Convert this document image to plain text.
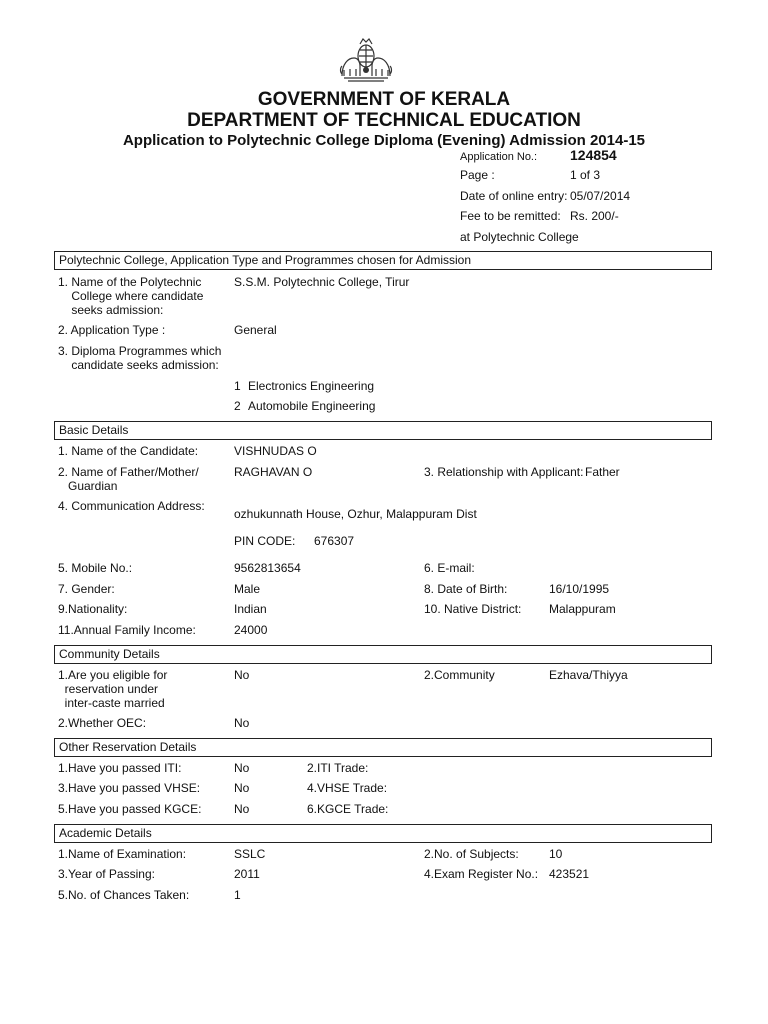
GOVERNMENT OF KERALA
DEPARTMENT OF TECHNICAL EDUCATION
Application to Polytechnic College Diploma (Evening) Admission 2014-15
Application No.: 124854
Page :	1 of 3
Date of online entry: 05/07/2014
Fee to be remitted: Rs. 200/-
at Polytechnic College
Polytechnic College, Application Type and Programmes chosen for Admission
1. Name of the Polytechnic
College where candidate
seeks admission:
S.S.M. Polytechnic College, Tirur
2. Application Type :	General
3. Diploma Programmes which
candidate seeks admission:
1 Electronics Engineering
2 Automobile Engineering
Basic Details
1. Name of the Candidate:	VISHNUDAS O
2. Name of Father/Mother/
Guardian
RAGHAVAN O	3. Relationship with Applicant: Father
4. Communication Address:
ozhukunnath House, Ozhur, Malappuram Dist
PIN CODE: 676307
5. Mobile No.:	9562813654	6. E-mail:
7. Gender:	Male	8. Date of Birth:	16/10/1995
9.Nationality:	Indian	10. Native District: Malappuram
11.Annual Family Income:	24000
Community Details
1.Are you eligible for
reservation under
inter-caste married
No	2.Community	Ezhava/Thiyya
2.Whether OEC:	No
Other Reservation Details
1.Have you passed ITI:	No	2.ITI Trade:
3.Have you passed VHSE:	No	4.VHSE Trade:
5.Have you passed KGCE:	No	6.KGCE Trade:
Academic Details
1.Name of Examination:	SSLC	2.No. of Subjects:	10
3.Year of Passing:	2011	4.Exam Register No.: 423521
5.No. of Chances Taken:	1
